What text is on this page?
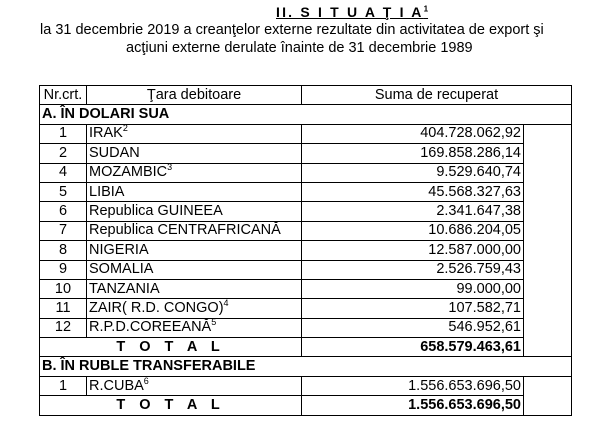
II. S I T U A Ţ I $A^1$
la 31 decembrie 2019 a creanţelor externe rezultate din activitatea de export şi
acţiuni externe derulate înainte de 31 decembrie 1989
Nr.crt.	Ţara debitoare	Suma de recuperat	
A. ÎN DOLARI SUA			
1	IRAK$^2$	404.728.062,92	
2	SUDAN	169.858.286,14	
4	MOZAMBIC$^3$	9.529.640,74	
5	LIBIA	45.568.327,63	
6	Republica GUINEEA	2.341.647,38	
7	Republica CENTRAFRICANĂ	10.686.204,05	
8	NIGERIA	12.587.000,00	
9	SOMALIA	2.526.759,43	
10	TANZANIA	99.000,00	
11	ZAIR( R.D. CONGO)$^4$	107.582,71	
12	R.P.D.COREEANĂ$^5$	546.952,61	
T O T A L		658.579.463,61	
B. ÎN RUBLE TRANSFERABILE			
1	R.CUBA$^6$	1.556.653.696,50	
T O T A L		1.556.653.696,50	
